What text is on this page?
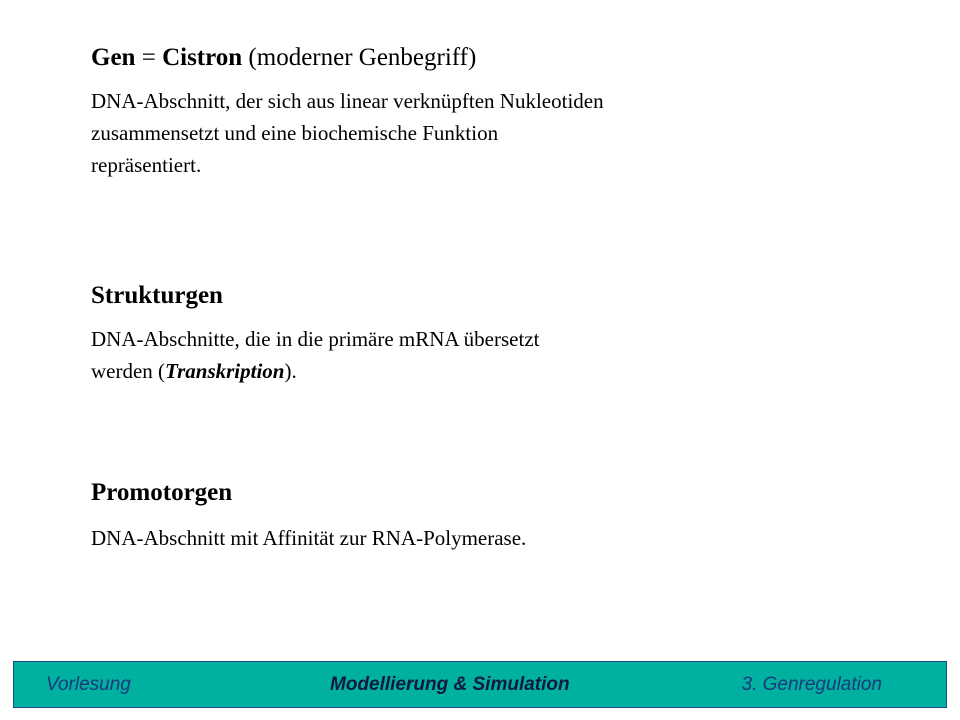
Gen = Cistron (moderner Genbegriff)

DNA-Abschnitt, der sich aus linear verknüpften Nukleotiden

zusammensetzt und eine biochemische Funktion

repräsentiert.

Strukturgen

DNA-Abschnitte, die in die primäre mRNA übersetzt

werden (Transkription).

Promotorgen

DNA-Abschnitt mit Affinität zur RNA-Polymerase.

Vorlesung	Modellierung & Simulation	3. Genregulation
